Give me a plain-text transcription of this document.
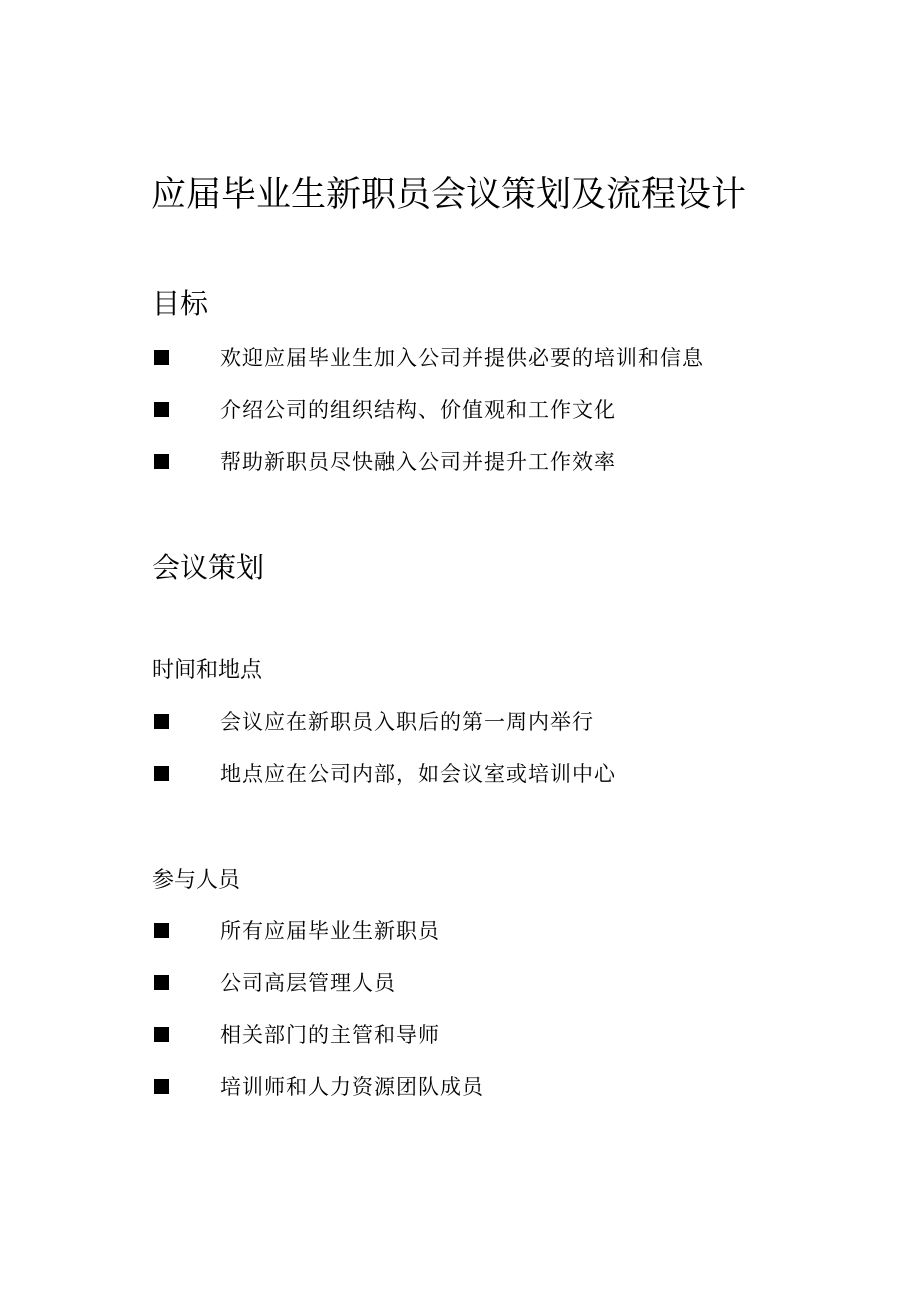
应届毕业生新职员会议策划及流程设计
目标
欢迎应届毕业生加入公司并提供必要的培训和信息
介绍公司的组织结构、价值观和工作文化
帮助新职员尽快融入公司并提升工作效率
会议策划
时间和地点
会议应在新职员入职后的第一周内举行
地点应在公司内部，如会议室或培训中心
参与人员
所有应届毕业生新职员
公司高层管理人员
相关部门的主管和导师
培训师和人力资源团队成员
